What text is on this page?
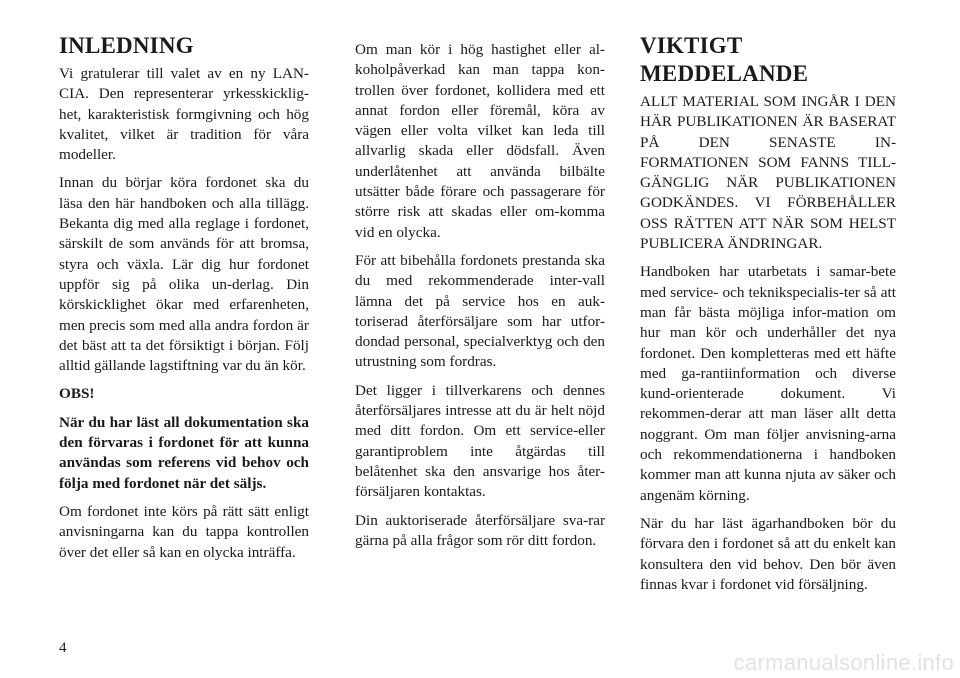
INLEDNING

Vi gratulerar till valet av en ny LAN-CIA. Den representerar yrkesskicklig-het, karakteristisk formgivning och hög kvalitet, vilket är tradition för våra modeller.

Innan du börjar köra fordonet ska du läsa den här handboken och alla tillägg. Bekanta dig med alla reglage i fordonet, särskilt de som används för att bromsa, styra och växla. Lär dig hur fordonet uppför sig på olika un-derlag. Din körskicklighet ökar med erfarenheten, men precis som med alla andra fordon är det bäst att ta det försiktigt i början. Följ alltid gällande lagstiftning var du än kör.

OBS!

När du har läst all dokumentation ska den förvaras i fordonet för att kunna användas som referens vid behov och följa med fordonet när det säljs.

Om fordonet inte körs på rätt sätt enligt anvisningarna kan du tappa kontrollen över det eller så kan en olycka inträffa.

Om man kör i hög hastighet eller al-koholpåverkad kan man tappa kon-trollen över fordonet, kollidera med ett annat fordon eller föremål, köra av vägen eller volta vilket kan leda till allvarlig skada eller dödsfall. Även underlåtenhet att använda bilbälte utsätter både förare och passagerare för större risk att skadas eller om-komma vid en olycka.

För att bibehålla fordonets prestanda ska du med rekommenderade inter-vall lämna det på service hos en auk-toriserad återförsäljare som har utfor-dondad personal, specialverktyg och den utrustning som fordras.

Det ligger i tillverkarens och dennes återförsäljares intresse att du är helt nöjd med ditt fordon. Om ett service-eller garantiproblem inte åtgärdas till belåtenhet ska den ansvarige hos åter-försäljaren kontaktas.

Din auktoriserade återförsäljare sva-rar gärna på alla frågor som rör ditt fordon.

VIKTIGT MEDDELANDE

ALLT MATERIAL SOM INGÅR I DEN HÄR PUBLIKATIONEN ÄR BASERAT PÅ DEN SENASTE IN-FORMATIONEN SOM FANNS TILL-GÄNGLIG NÄR PUBLIKATIONEN GODKÄNDES. VI FÖRBEHÅLLER OSS RÄTTEN ATT NÄR SOM HELST PUBLICERA ÄNDRINGAR.

Handboken har utarbetats i samar-bete med service- och teknikspecialis-ter så att man får bästa möjliga infor-mation om hur man kör och underhåller det nya fordonet. Den kompletteras med ett häfte med ga-rantiinformation och diverse kund-orienterade dokument. Vi rekommen-derar att man läser allt detta noggrant. Om man följer anvisning-arna och rekommendationerna i handboken kommer man att kunna njuta av säker och angenäm körning.

När du har läst ägarhandboken bör du förvara den i fordonet så att du enkelt kan konsultera den vid behov. Den bör även finnas kvar i fordonet vid försäljning.

4
carmanualsonline.info
